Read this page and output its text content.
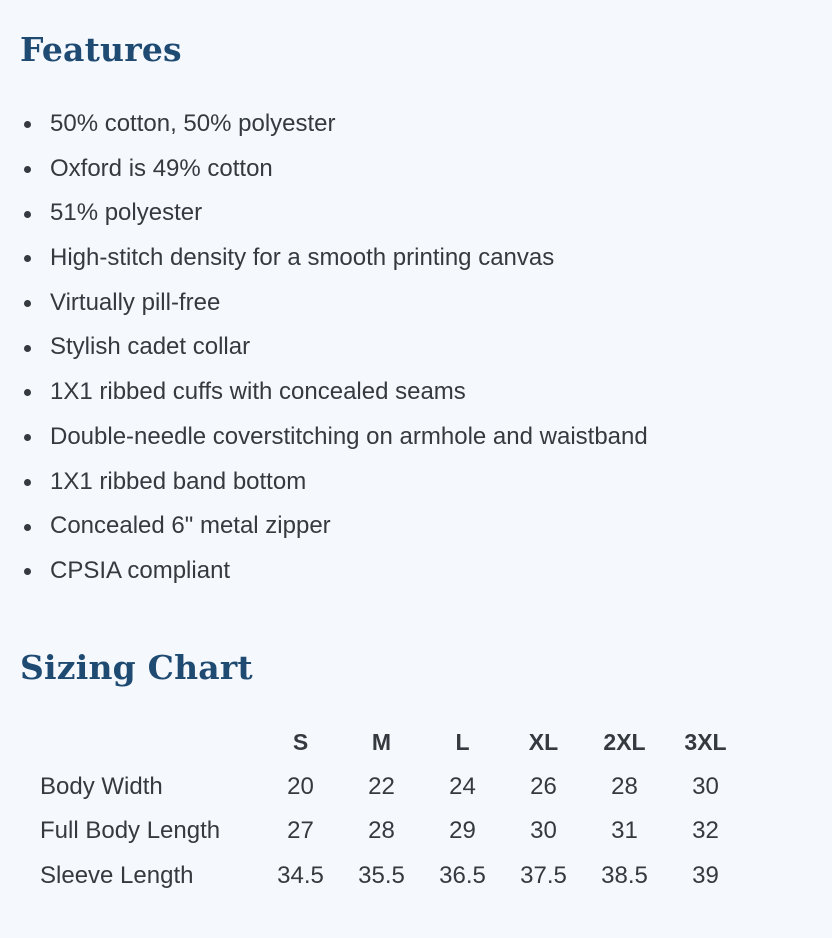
Features
50% cotton, 50% polyester
Oxford is 49% cotton
51% polyester
High-stitch density for a smooth printing canvas
Virtually pill-free
Stylish cadet collar
1X1 ribbed cuffs with concealed seams
Double-needle coverstitching on armhole and waistband
1X1 ribbed band bottom
Concealed 6" metal zipper
CPSIA compliant
Sizing Chart
	S	M	L	XL	2XL	3XL
Body Width	20	22	24	26	28	30
Full Body Length	27	28	29	30	31	32
Sleeve Length	34.5	35.5	36.5	37.5	38.5	39
